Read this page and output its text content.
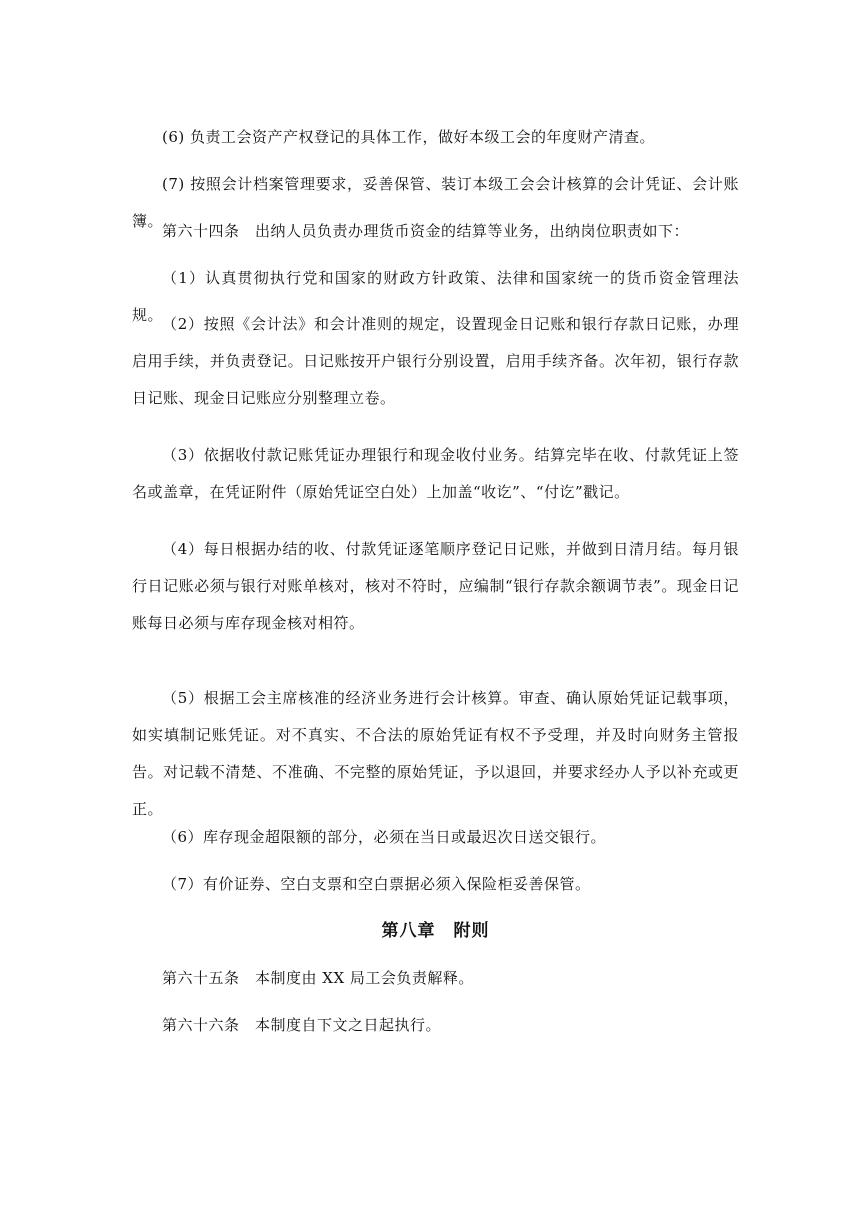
(6) 负责工会资产产权登记的具体工作，做好本级工会的年度财产清查。

(7) 按照会计档案管理要求，妥善保管、装订本级工会会计核算的会计凭证、会计账簿。

第六十四条　出纳人员负责办理货币资金的结算等业务，出纳岗位职责如下：

（1）认真贯彻执行党和国家的财政方针政策、法律和国家统一的货币资金管理法规。

（2）按照《会计法》和会计准则的规定，设置现金日记账和银行存款日记账，办理启用手续，并负责登记。日记账按开户银行分别设置，启用手续齐备。次年初，银行存款日记账、现金日记账应分别整理立卷。

（3）依据收付款记账凭证办理银行和现金收付业务。结算完毕在收、付款凭证上签名或盖章，在凭证附件（原始凭证空白处）上加盖“收讫”、“付讫”戳记。

（4）每日根据办结的收、付款凭证逐笔顺序登记日记账，并做到日清月结。每月银行日记账必须与银行对账单核对，核对不符时，应编制“银行存款余额调节表”。现金日记账每日必须与库存现金核对相符。

（5）根据工会主席核准的经济业务进行会计核算。审查、确认原始凭证记载事项，如实填制记账凭证。对不真实、不合法的原始凭证有权不予受理，并及时向财务主管报告。对记载不清楚、不准确、不完整的原始凭证，予以退回，并要求经办人予以补充或更正。

（6）库存现金超限额的部分，必须在当日或最迟次日送交银行。

（7）有价证券、空白支票和空白票据必须入保险柜妥善保管。

第八章　附则

第六十五条　本制度由 XX 局工会负责解释。

第六十六条　本制度自下文之日起执行。
